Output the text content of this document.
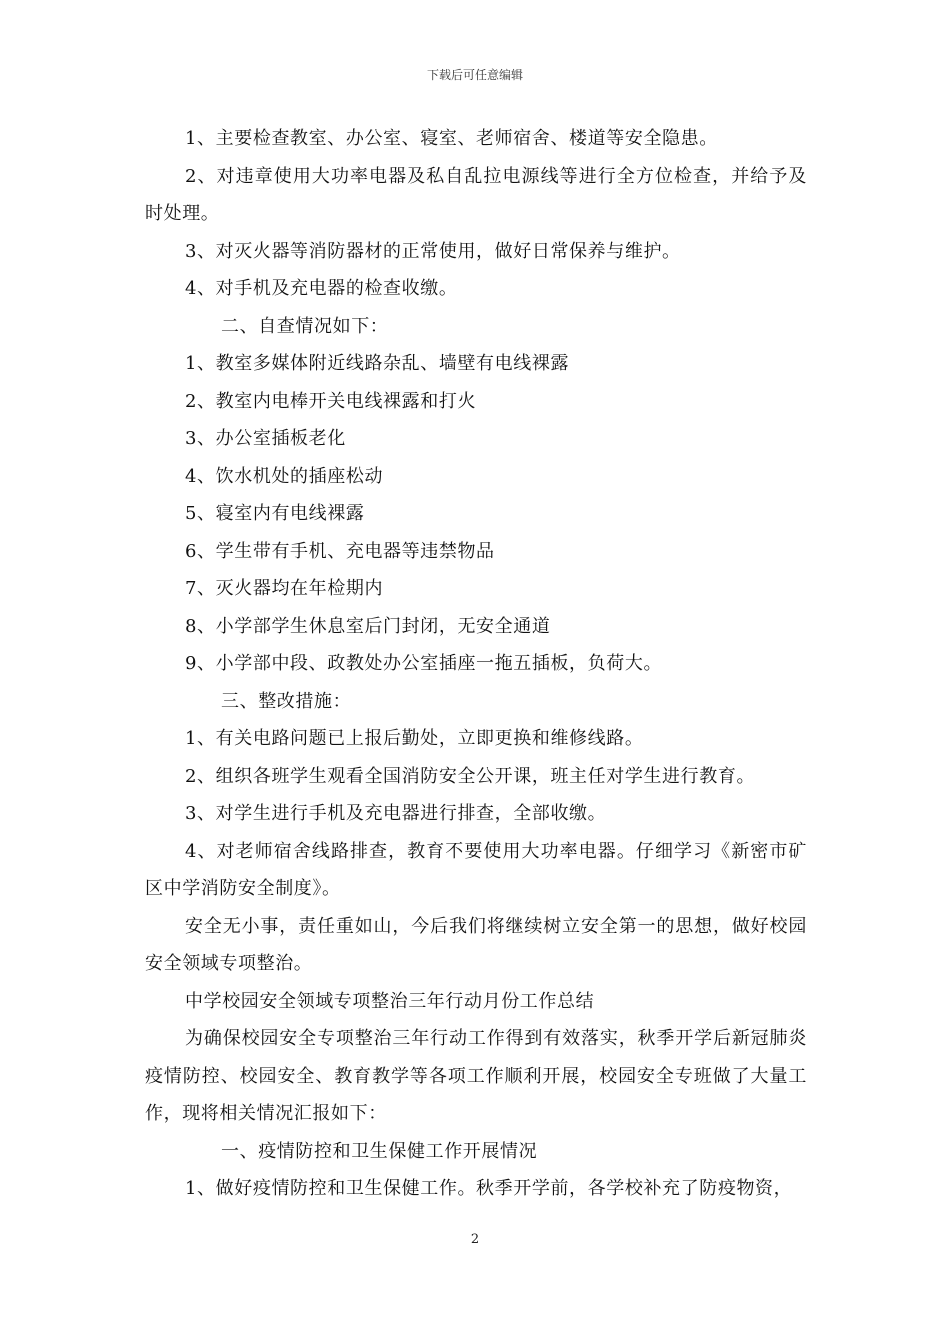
下载后可任意编辑

1、主要检查教室、办公室、寝室、老师宿舍、楼道等安全隐患。

2、对违章使用大功率电器及私自乱拉电源线等进行全方位检查，并给予及时处理。

3、对灭火器等消防器材的正常使用，做好日常保养与维护。

4、对手机及充电器的检查收缴。

二、自查情况如下：

1、教室多媒体附近线路杂乱、墙壁有电线裸露

2、教室内电棒开关电线裸露和打火

3、办公室插板老化

4、饮水机处的插座松动

5、寝室内有电线裸露

6、学生带有手机、充电器等违禁物品

7、灭火器均在年检期内

8、小学部学生休息室后门封闭，无安全通道

9、小学部中段、政教处办公室插座一拖五插板，负荷大。

三、整改措施：

1、有关电路问题已上报后勤处，立即更换和维修线路。

2、组织各班学生观看全国消防安全公开课，班主任对学生进行教育。

3、对学生进行手机及充电器进行排查，全部收缴。

4、对老师宿舍线路排查，教育不要使用大功率电器。仔细学习《新密市矿区中学消防安全制度》。

安全无小事，责任重如山，今后我们将继续树立安全第一的思想，做好校园安全领域专项整治。

中学校园安全领域专项整治三年行动月份工作总结

为确保校园安全专项整治三年行动工作得到有效落实，秋季开学后新冠肺炎疫情防控、校园安全、教育教学等各项工作顺利开展，校园安全专班做了大量工作，现将相关情况汇报如下：

一、疫情防控和卫生保健工作开展情况

1、做好疫情防控和卫生保健工作。秋季开学前，各学校补充了防疫物资，

2
